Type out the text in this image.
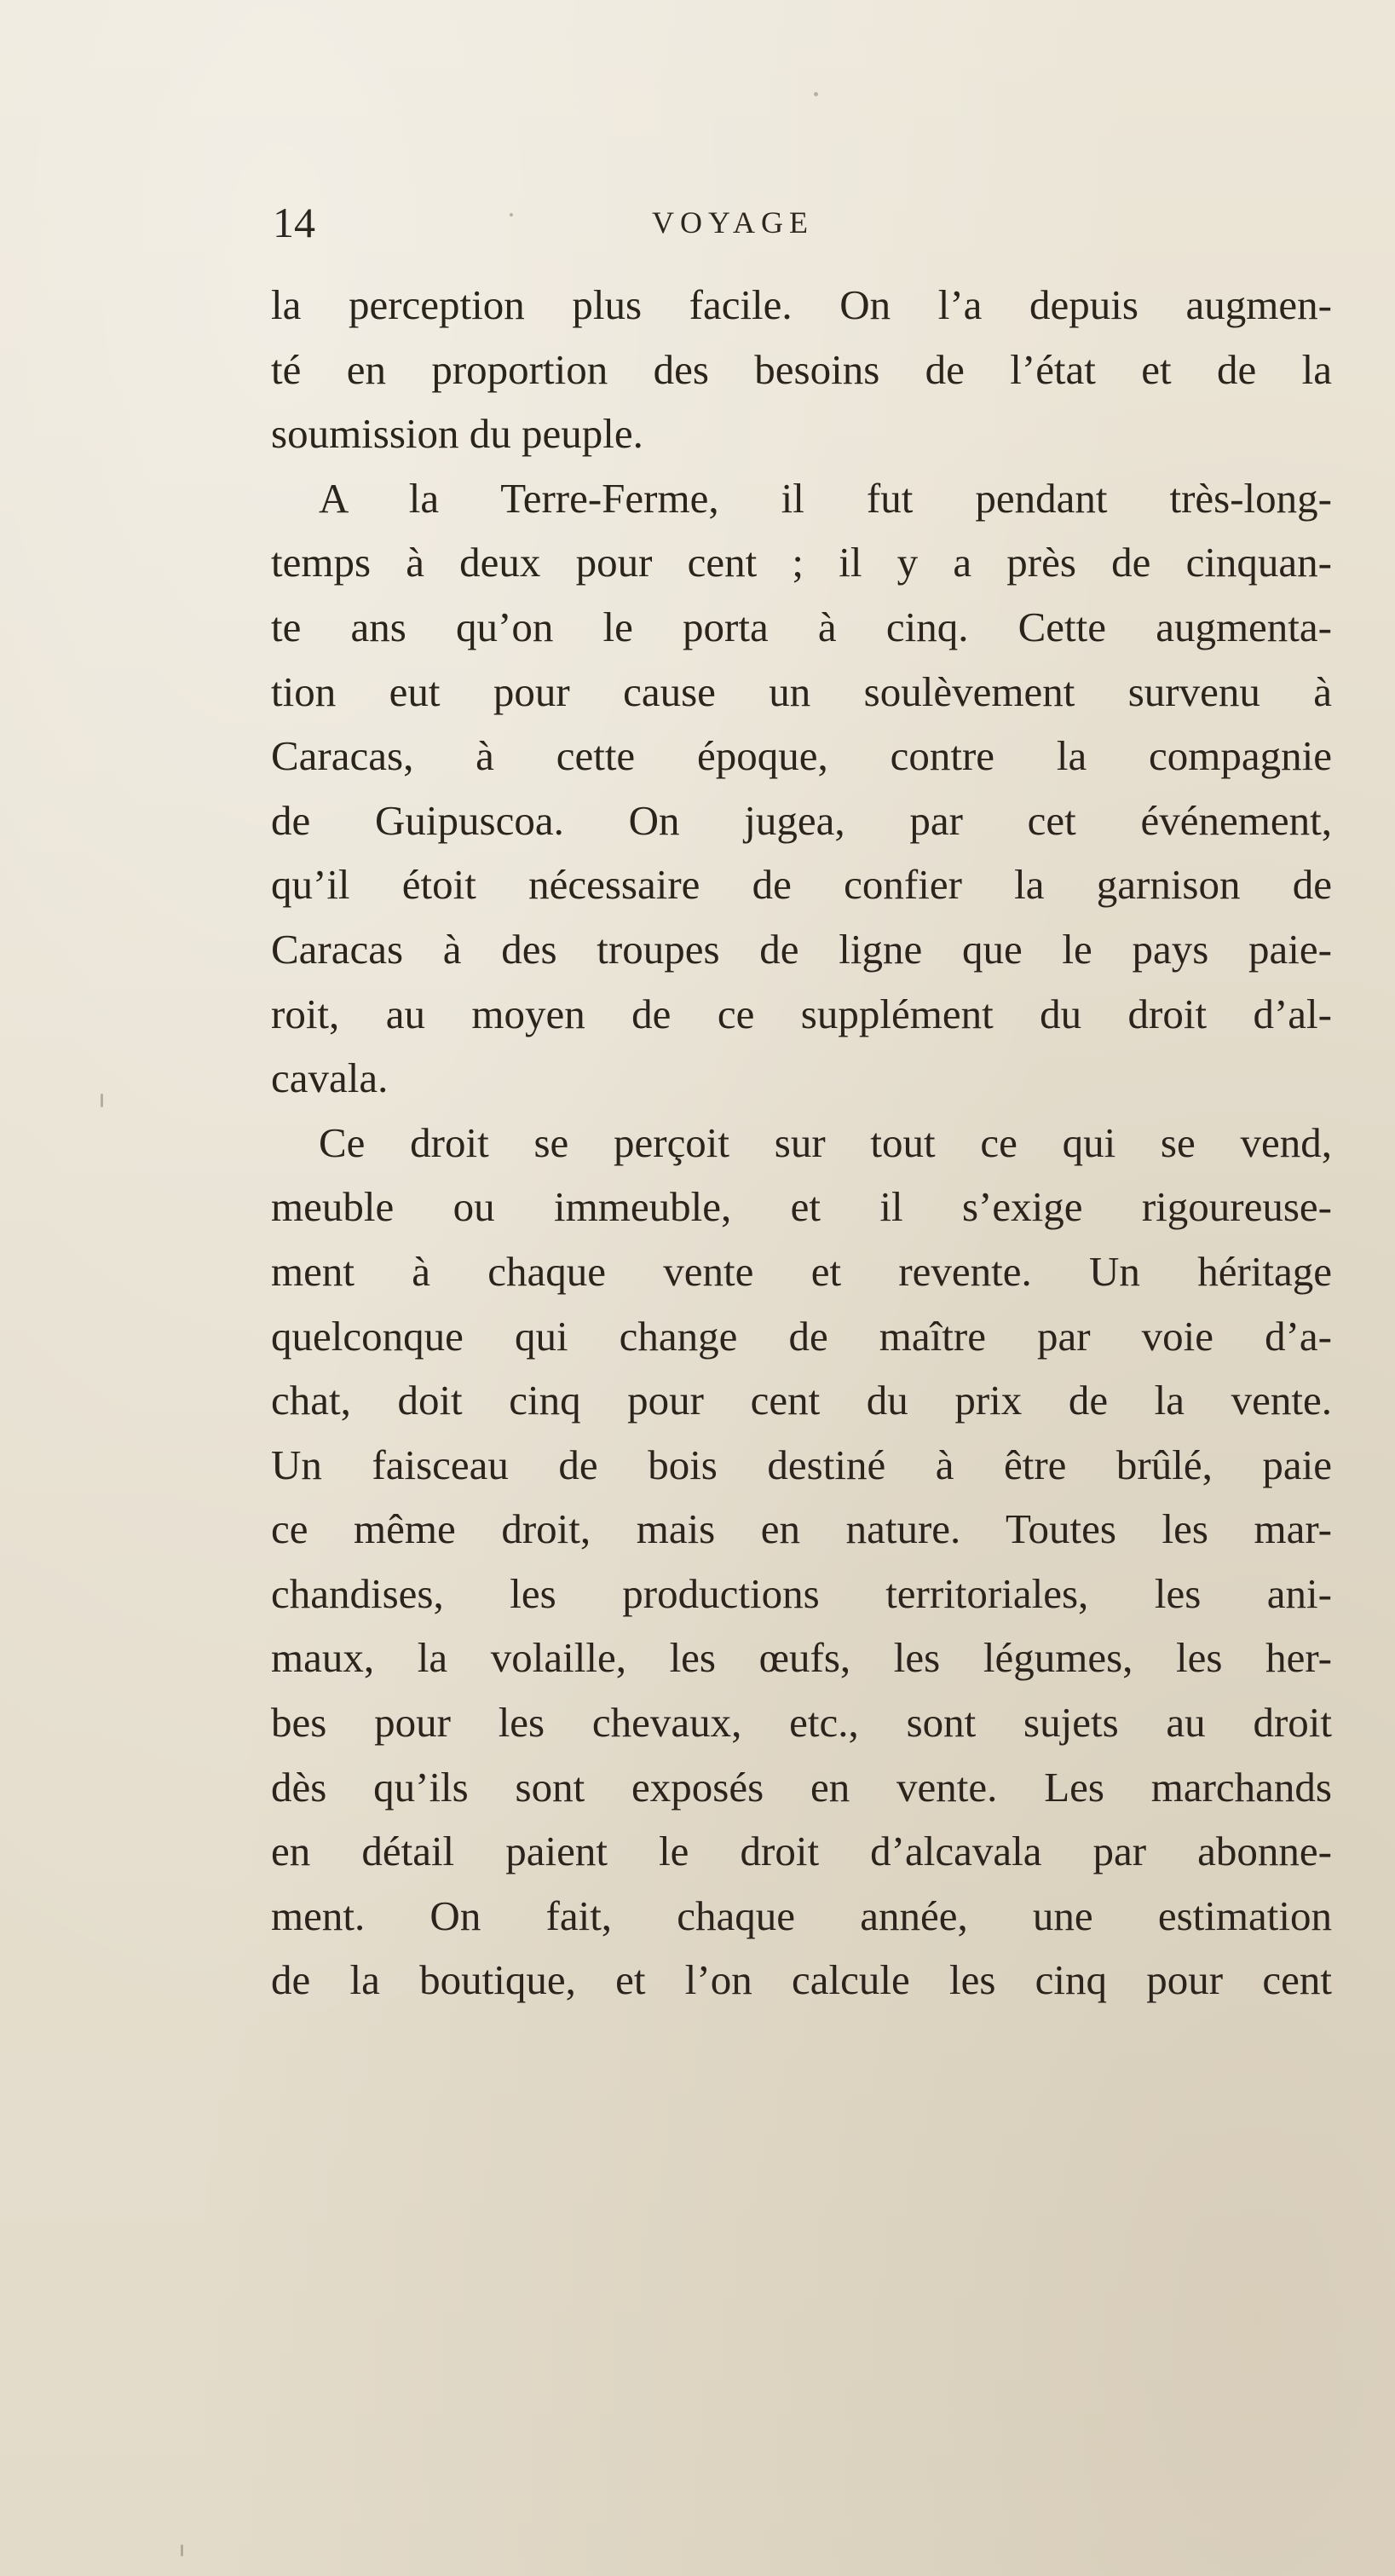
14	VOYAGE
la perception plus facile. On l’a depuis augmen-
té en proportion des besoins de l’état et de la
soumission du peuple.
A la Terre-Ferme, il fut pendant très-long-
temps à deux pour cent ; il y a près de cinquan-
te ans qu’on le porta à cinq. Cette augmenta-
tion eut pour cause un soulèvement survenu à
Caracas, à cette époque, contre la compagnie
de Guipuscoa. On jugea, par cet événement,
qu’il étoit nécessaire de confier la garnison de
Caracas à des troupes de ligne que le pays paie-
roit, au moyen de ce supplément du droit d’al-
cavala.
Ce droit se perçoit sur tout ce qui se vend,
meuble ou immeuble, et il s’exige rigoureuse-
ment à chaque vente et revente. Un héritage
quelconque qui change de maître par voie d’a-
chat, doit cinq pour cent du prix de la vente.
Un faisceau de bois destiné à être brûlé, paie
ce même droit, mais en nature. Toutes les mar-
chandises, les productions territoriales, les ani-
maux, la volaille, les œufs, les légumes, les her-
bes pour les chevaux, etc., sont sujets au droit
dès qu’ils sont exposés en vente. Les marchands
en détail paient le droit d’alcavala par abonne-
ment. On fait, chaque année, une estimation
de la boutique, et l’on calcule les cinq pour cent
